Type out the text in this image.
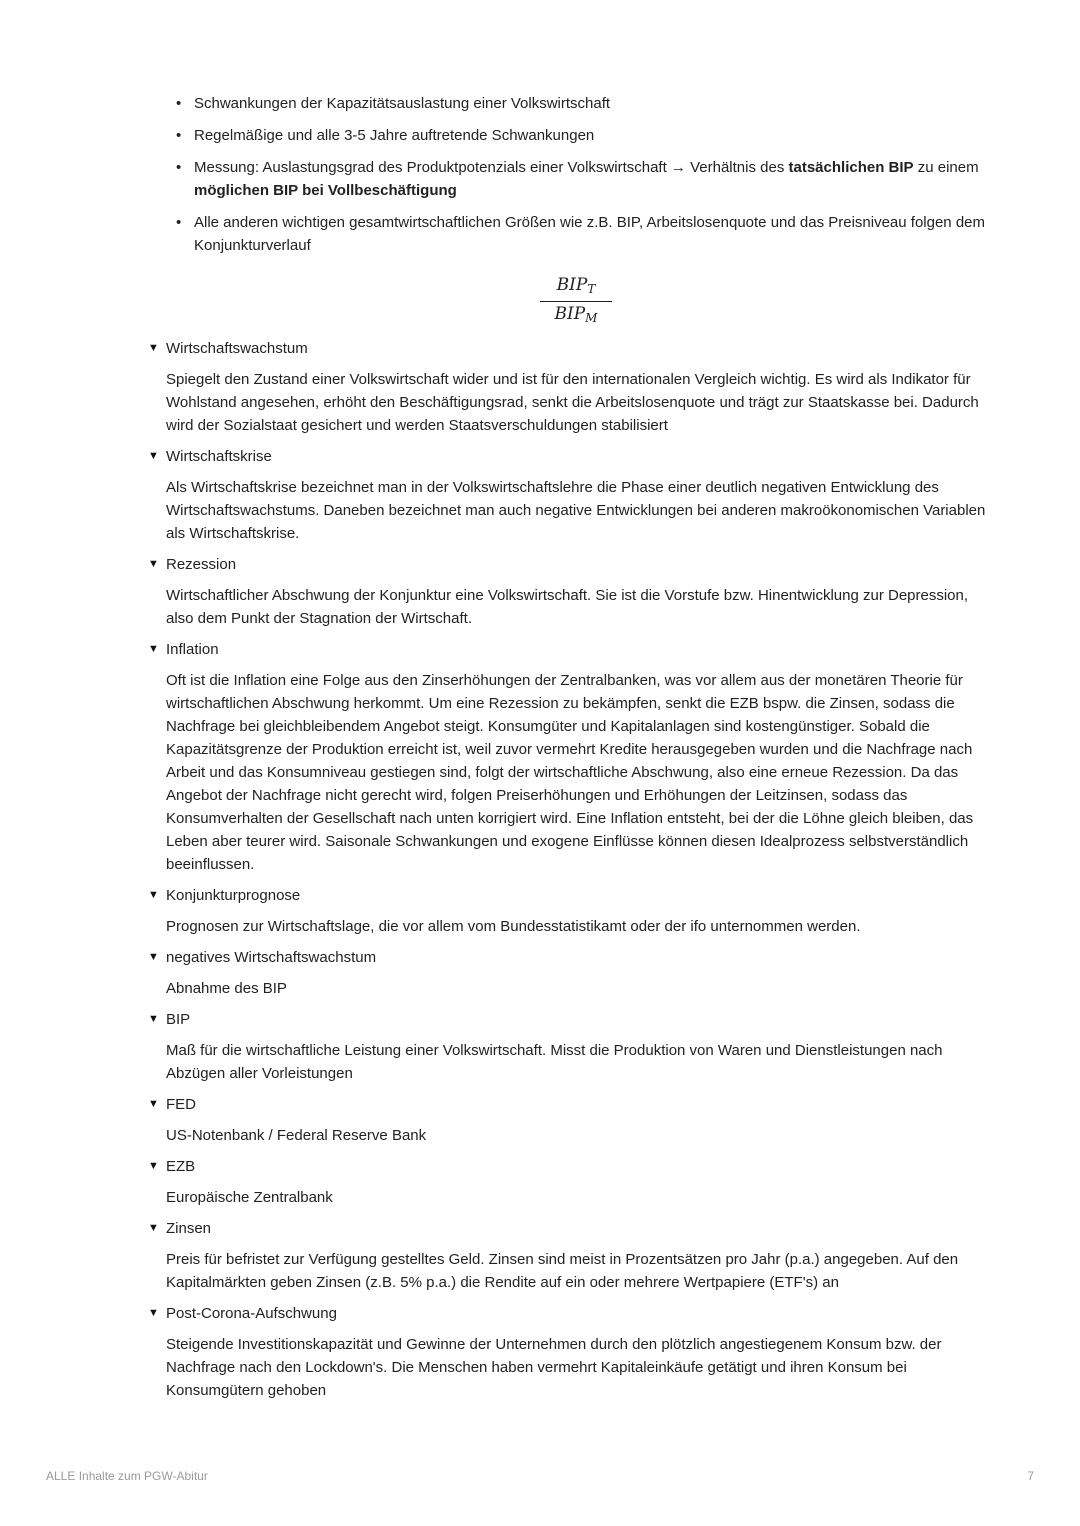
• Schwankungen der Kapazitätsauslastung einer Volkswirtschaft
• Regelmäßige und alle 3-5 Jahre auftretende Schwankungen
• Messung: Auslastungsgrad des Produktpotenzials einer Volkswirtschaft → Verhältnis des tatsächlichen BIP zu einem möglichen BIP bei Vollbeschäftigung
• Alle anderen wichtigen gesamtwirtschaftlichen Größen wie z.B. BIP, Arbeitslosenquote und das Preisniveau folgen dem Konjunkturverlauf
$BIP_T$
$BIP_M$
▼ Wirtschaftswachstum
Spiegelt den Zustand einer Volkswirtschaft wider und ist für den internationalen Vergleich wichtig. Es wird als Indikator für Wohlstand angesehen, erhöht den Beschäftigungsrad, senkt die Arbeitslosenquote und trägt zur Staatskasse bei. Dadurch wird der Sozialstaat gesichert und werden Staatsverschuldungen stabilisiert
▼ Wirtschaftskrise
Als Wirtschaftskrise bezeichnet man in der Volkswirtschaftslehre die Phase einer deutlich negativen Entwicklung des Wirtschaftswachstums. Daneben bezeichnet man auch negative Entwicklungen bei anderen makroökonomischen Variablen als Wirtschaftskrise.
▼ Rezession
Wirtschaftlicher Abschwung der Konjunktur eine Volkswirtschaft. Sie ist die Vorstufe bzw. Hinentwicklung zur Depression, also dem Punkt der Stagnation der Wirtschaft.
▼ Inflation
Oft ist die Inflation eine Folge aus den Zinserhöhungen der Zentralbanken, was vor allem aus der monetären Theorie für wirtschaftlichen Abschwung herkommt. Um eine Rezession zu bekämpfen, senkt die EZB bspw. die Zinsen, sodass die Nachfrage bei gleichbleibendem Angebot steigt. Konsumgüter und Kapitalanlagen sind kostengünstiger. Sobald die Kapazitätsgrenze der Produktion erreicht ist, weil zuvor vermehrt Kredite herausgegeben wurden und die Nachfrage nach Arbeit und das Konsumniveau gestiegen sind, folgt der wirtschaftliche Abschwung, also eine erneue Rezession. Da das Angebot der Nachfrage nicht gerecht wird, folgen Preiserhöhungen und Erhöhungen der Leitzinsen, sodass das Konsumverhalten der Gesellschaft nach unten korrigiert wird. Eine Inflation entsteht, bei der die Löhne gleich bleiben, das Leben aber teurer wird. Saisonale Schwankungen und exogene Einflüsse können diesen Idealprozess selbstverständlich beeinflussen.
▼ Konjunkturprognose
Prognosen zur Wirtschaftslage, die vor allem vom Bundesstatistikamt oder der ifo unternommen werden.
▼ negatives Wirtschaftswachstum
Abnahme des BIP
▼ BIP
Maß für die wirtschaftliche Leistung einer Volkswirtschaft. Misst die Produktion von Waren und Dienstleistungen nach Abzügen aller Vorleistungen
▼ FED
US-Notenbank / Federal Reserve Bank
▼ EZB
Europäische Zentralbank
▼ Zinsen
Preis für befristet zur Verfügung gestelltes Geld. Zinsen sind meist in Prozentsätzen pro Jahr (p.a.) angegeben. Auf den Kapitalmärkten geben Zinsen (z.B. 5% p.a.) die Rendite auf ein oder mehrere Wertpapiere (ETF's) an
▼ Post-Corona-Aufschwung
Steigende Investitionskapazität und Gewinne der Unternehmen durch den plötzlich angestiegenem Konsum bzw. der Nachfrage nach den Lockdown's. Die Menschen haben vermehrt Kapitaleinkäufe getätigt und ihren Konsum bei Konsumgütern gehoben
ALLE Inhalte zum PGW-Abitur	7
